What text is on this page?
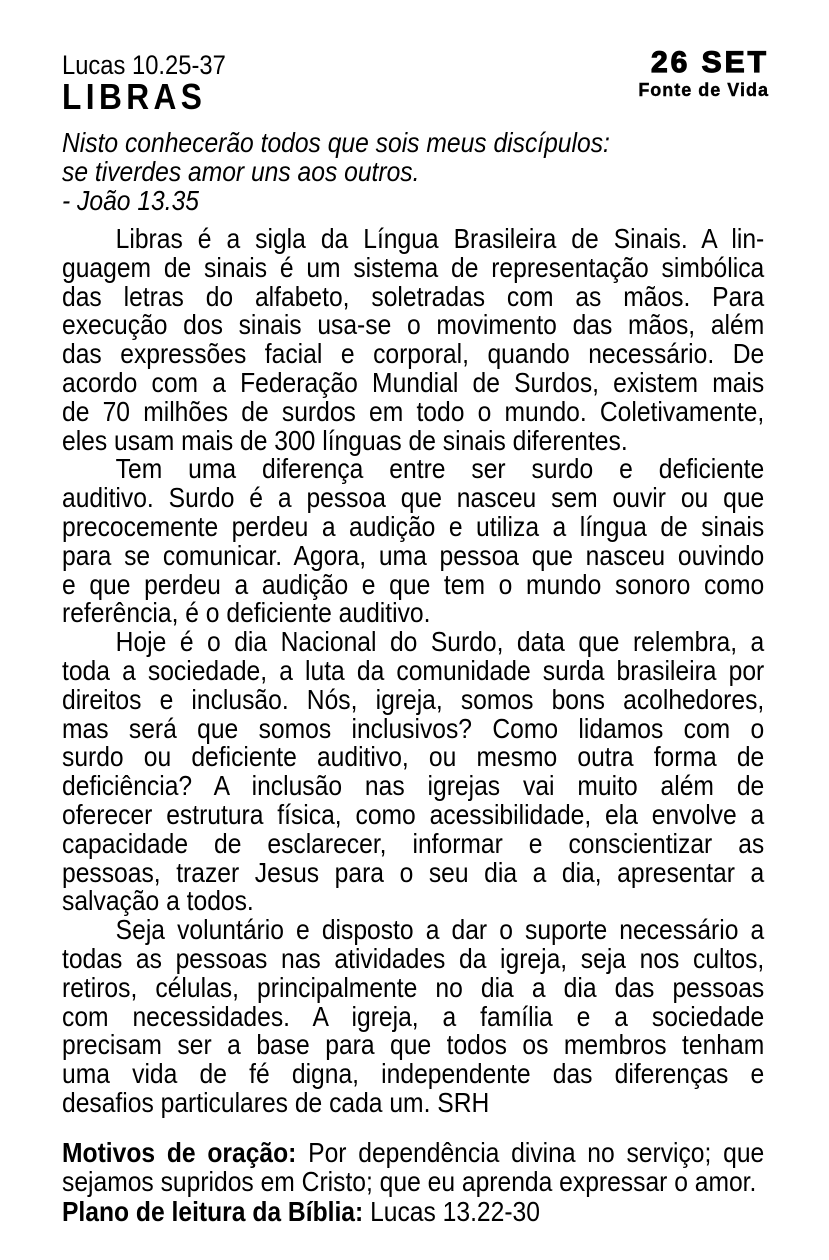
26 SET
Fonte de Vida
Lucas 10.25-37
LIBRAS
Nisto conhecerão todos que sois meus discípulos:
se tiverdes amor uns aos outros.
- João 13.35
Libras é a sigla da Língua Brasileira de Sinais. A lin-
guagem de sinais é um sistema de representação simbólica
das letras do alfabeto, soletradas com as mãos. Para
execução dos sinais usa-se o movimento das mãos, além
das expressões facial e corporal, quando necessário. De
acordo com a Federação Mundial de Surdos, existem mais
de 70 milhões de surdos em todo o mundo. Coletivamente,
eles usam mais de 300 línguas de sinais diferentes.
Tem uma diferença entre ser surdo e deficiente
auditivo. Surdo é a pessoa que nasceu sem ouvir ou que
precocemente perdeu a audição e utiliza a língua de sinais
para se comunicar. Agora, uma pessoa que nasceu ouvindo
e que perdeu a audição e que tem o mundo sonoro como
referência, é o deficiente auditivo.
Hoje é o dia Nacional do Surdo, data que relembra, a
toda a sociedade, a luta da comunidade surda brasileira por
direitos e inclusão. Nós, igreja, somos bons acolhedores,
mas será que somos inclusivos? Como lidamos com o
surdo ou deficiente auditivo, ou mesmo outra forma de
deficiência? A inclusão nas igrejas vai muito além de
oferecer estrutura física, como acessibilidade, ela envolve a
capacidade de esclarecer, informar e conscientizar as
pessoas, trazer Jesus para o seu dia a dia, apresentar a
salvação a todos.
Seja voluntário e disposto a dar o suporte necessário a
todas as pessoas nas atividades da igreja, seja nos cultos,
retiros, células, principalmente no dia a dia das pessoas
com necessidades. A igreja, a família e a sociedade
precisam ser a base para que todos os membros tenham
uma vida de fé digna, independente das diferenças e
desafios particulares de cada um. SRH
Motivos de oração: Por dependência divina no serviço; que
sejamos supridos em Cristo; que eu aprenda expressar o amor.
Plano de leitura da Bíblia: Lucas 13.22-30
